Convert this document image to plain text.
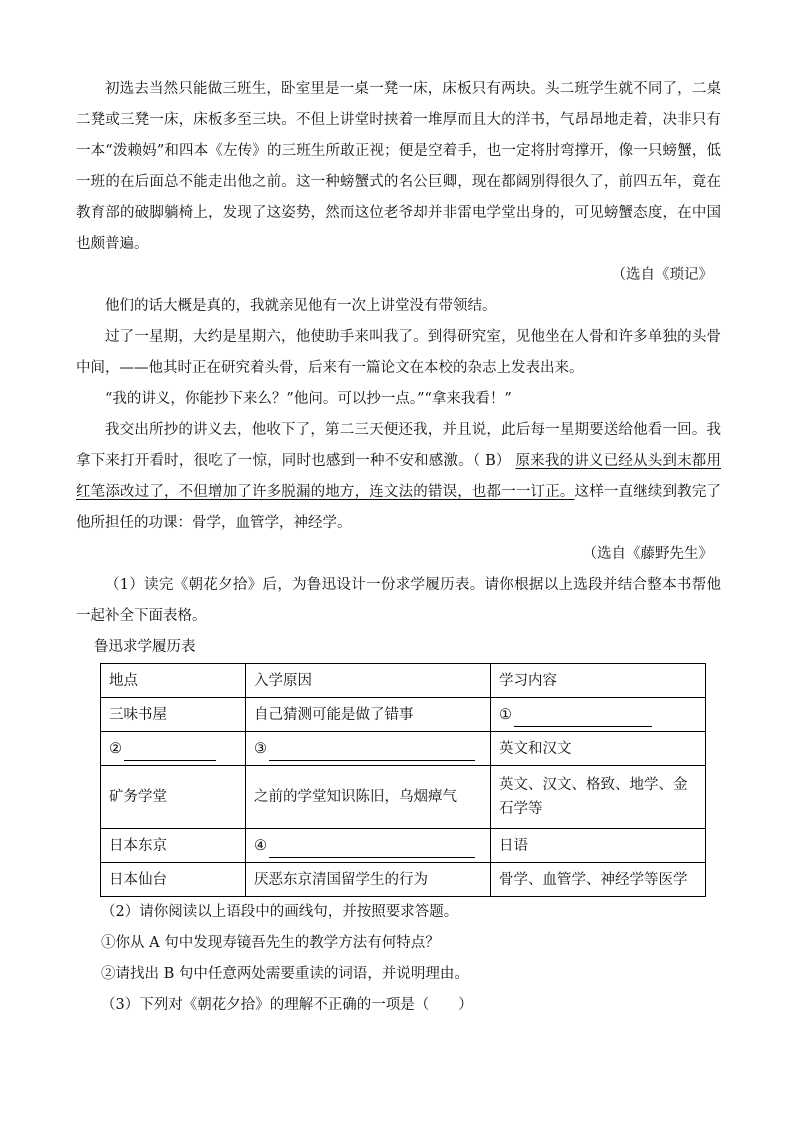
初选去当然只能做三班生，卧室里是一桌一凳一床，床板只有两块。头二班学生就不同了，二桌二凳或三凳一床，床板多至三块。不但上讲堂时挟着一堆厚而且大的洋书，气昂昂地走着，决非只有一本“泼赖妈”和四本《左传》的三班生所敢正视；便是空着手，也一定将肘弯撑开，像一只螃蟹，低一班的在后面总不能走出他之前。这一种螃蟹式的名公巨卿，现在都阔别得很久了，前四五年，竟在教育部的破脚躺椅上，发现了这姿势，然而这位老爷却并非雷电学堂出身的，可见螃蟹态度，在中国也颇普遍。

（选自《琐记》

他们的话大概是真的，我就亲见他有一次上讲堂没有带领结。

过了一星期，大约是星期六，他使助手来叫我了。到得研究室，见他坐在人骨和许多单独的头骨中间，——他其时正在研究着头骨，后来有一篇论文在本校的杂志上发表出来。

“我的讲义，你能抄下来么？”他问。可以抄一点。”“拿来我看！”

我交出所抄的讲义去，他收下了，第二三天便还我，并且说，此后每一星期要送给他看一回。我拿下来打开看时，很吃了一惊，同时也感到一种不安和感激。（ B） 原来我的讲义已经从头到末都用红笔添改过了，不但增加了许多脱漏的地方，连文法的错误，也都一一订正。这样一直继续到教完了他所担任的功课：骨学，血管学，神经学。

（选自《藤野先生》

（1）读完《朝花夕拾》后，为鲁迅设计一份求学履历表。请你根据以上选段并结合整本书帮他一起补全下面表格。

鲁迅求学履历表
地点	入学原因	学习内容
三味书屋	自己猜测可能是做了错事	①
②	③	英文和汉文
矿务学堂	之前的学堂知识陈旧，乌烟瘴气	英文、汉文、格致、地学、金石学等
日本东京	④	日语
日本仙台	厌恶东京清国留学生的行为	骨学、血管学、神经学等医学
（2）请你阅读以上语段中的画线句，并按照要求答题。
①你从 A 句中发现寿镜吾先生的教学方法有何特点？
②请找出 B 句中任意两处需要重读的词语，并说明理由。
（3）下列对《朝花夕拾》的理解不正确的一项是（　　）
